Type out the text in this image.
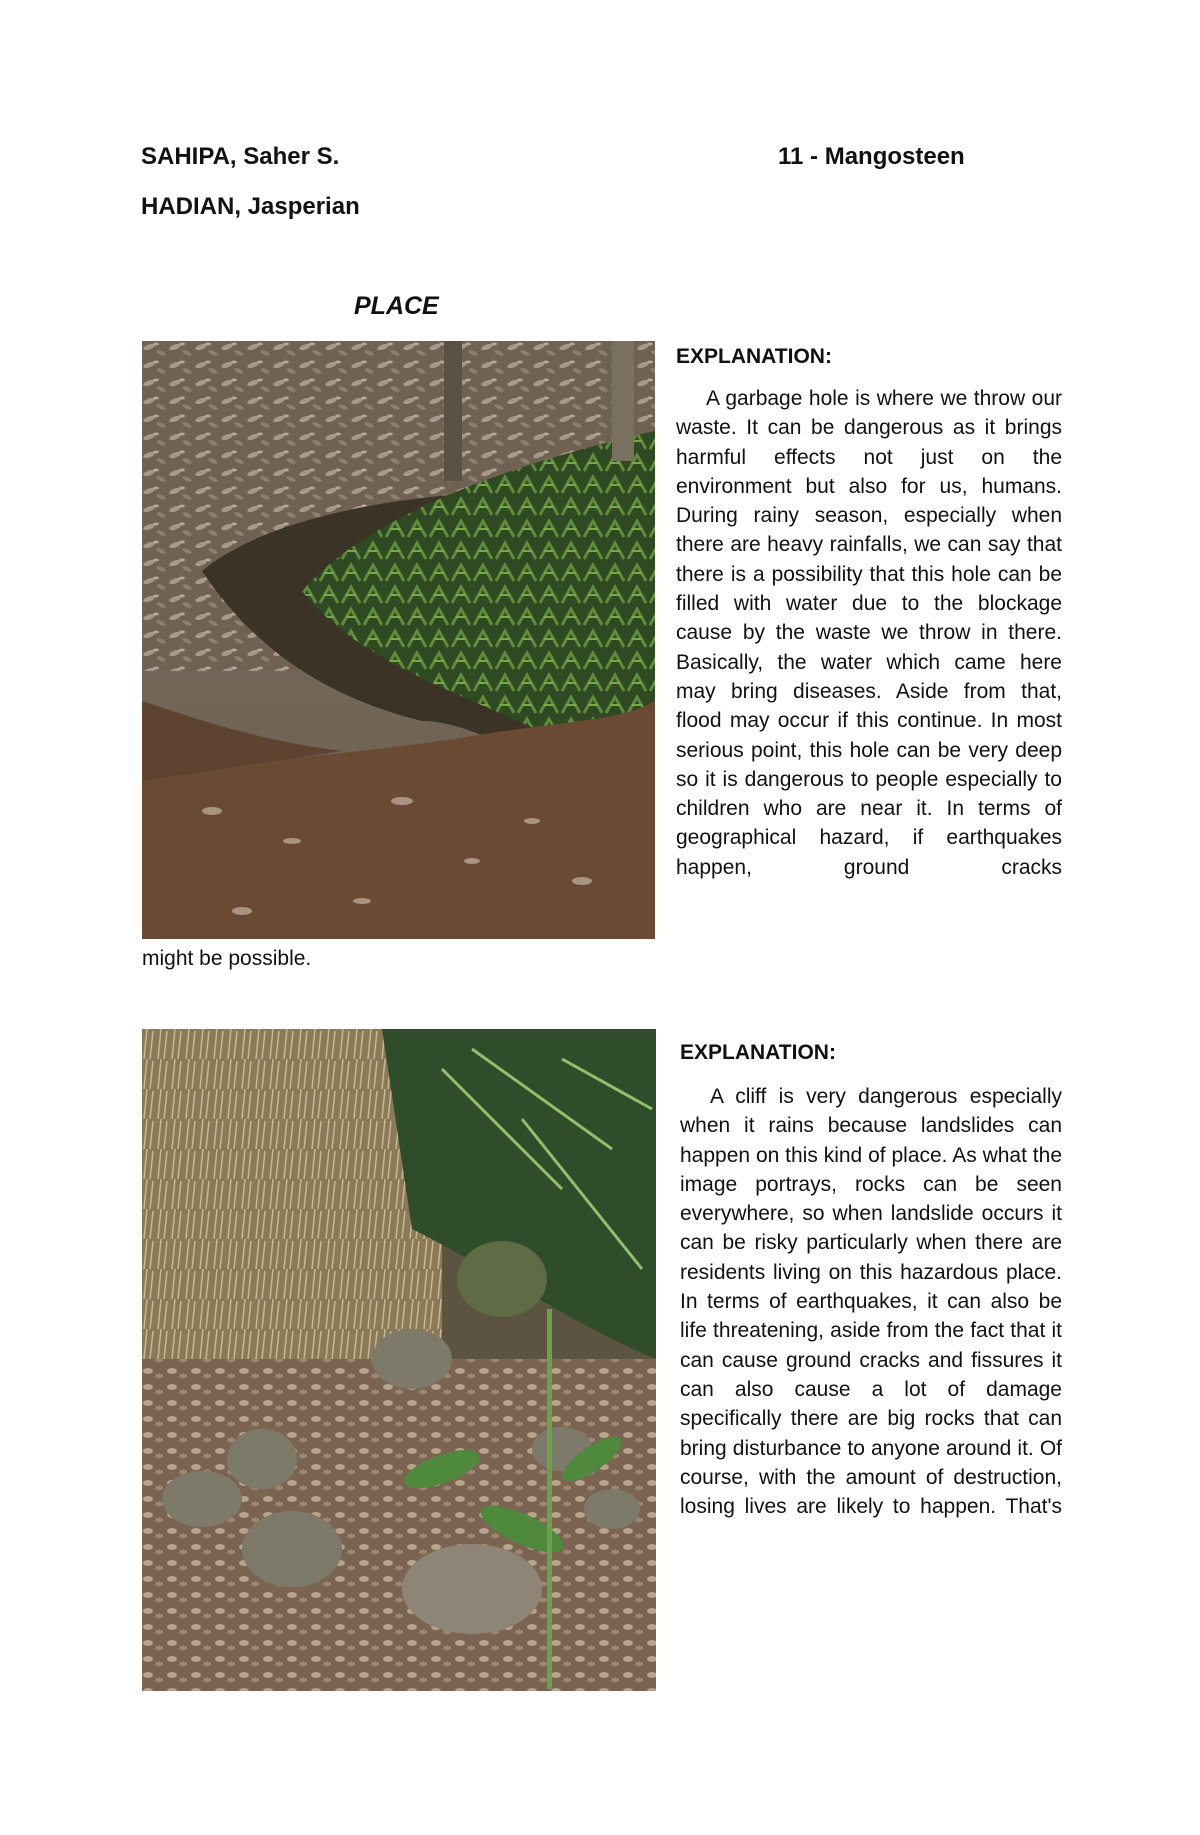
SAHIPA, Saher S.
HADIAN, Jasperian
11 - Mangosteen
PLACE
EXPLANATION:

A garbage hole is where we throw our waste. It can be dangerous as it brings harmful effects not just on the environment but also for us, humans. During rainy season, especially when there are heavy rainfalls, we can say that there is a possibility that this hole can be filled with water due to the blockage cause by the waste we throw in there. Basically, the water which came here may bring diseases. Aside from that, flood may occur if this continue. In most serious point, this hole can be very deep so it is dangerous to people especially to children who are near it. In terms of geographical hazard, if earthquakes happen, ground cracks

might be possible.
EXPLANATION:

A cliff is very dangerous especially when it rains because landslides can happen on this kind of place. As what the image portrays, rocks can be seen everywhere, so when landslide occurs it can be risky particularly when there are residents living on this hazardous place. In terms of earthquakes, it can also be life threatening, aside from the fact that it can cause ground cracks and fissures it can also cause a lot of damage specifically there are big rocks that can bring disturbance to anyone around it. Of course, with the amount of destruction, losing lives are likely to happen. That's
